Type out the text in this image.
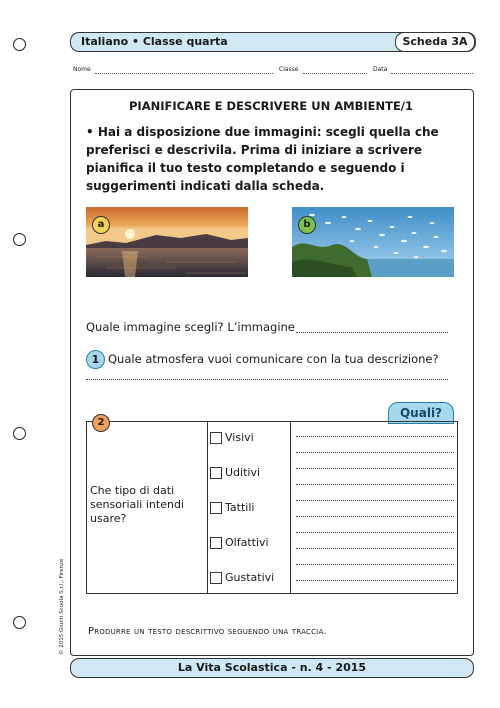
Italiano • Classe quarta	Scheda 3A
Nome	Classe	Data
PIANIFICARE E DESCRIVERE UN AMBIENTE/1
• Hai a disposizione due immagini: scegli quella che preferisci e descrivila. Prima di iniziare a scrivere pianifica il tuo testo completando e seguendo i suggerimenti indicati dalla scheda.
a	b
Quale immagine scegli? L’immagine
1 Quale atmosfera vuoi comunicare con la tua descrizione?
Quali?
2
Che tipo di dati sensoriali intendi usare?

Visivi
Uditivi
Tattili
Olfattivi
Gustativi

Produrre un testo descrittivo seguendo una traccia.
© 2015 Giunti Scuola S.r.l., Firenze
La Vita Scolastica - n. 4 - 2015
